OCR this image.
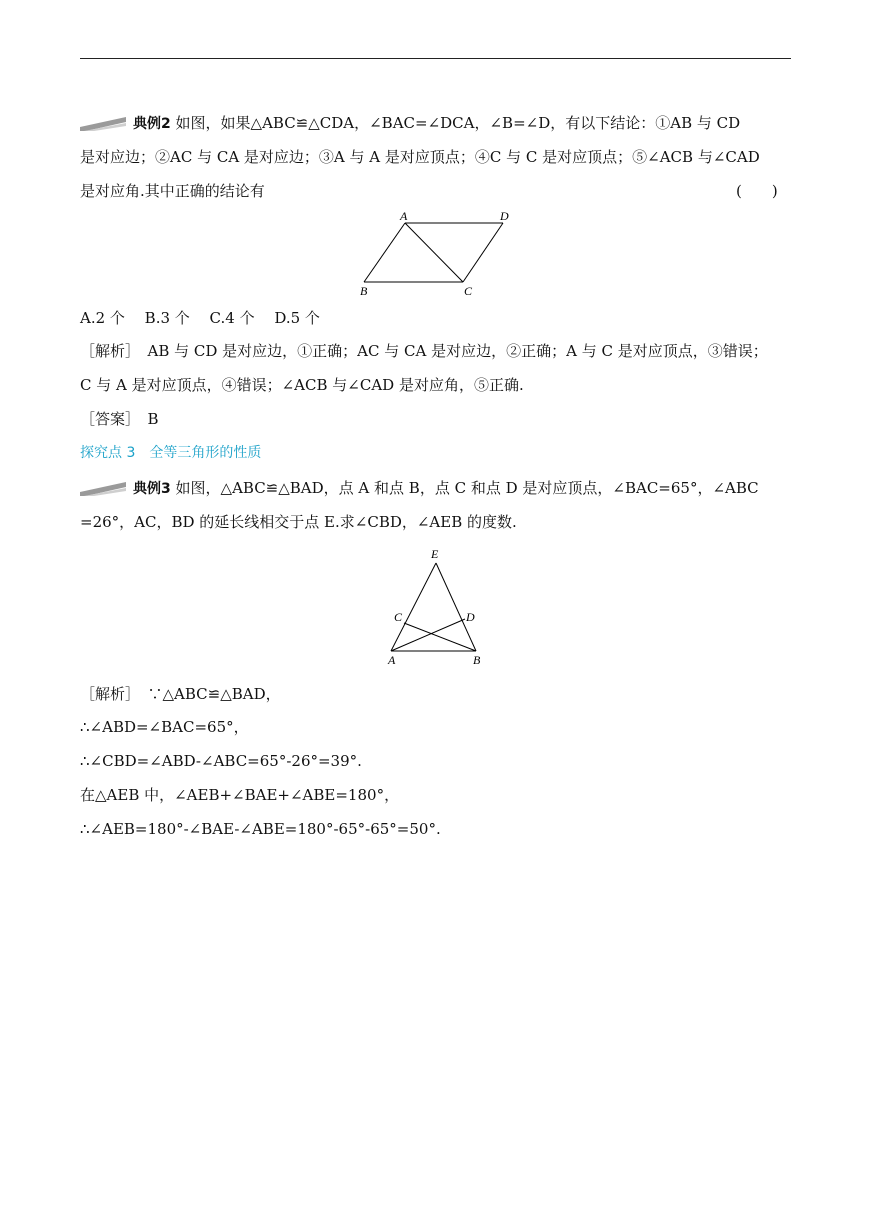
典例2 如图，如果△ABC≌△CDA，∠BAC=∠DCA，∠B=∠D，有以下结论：①AB 与 CD
是对应边；②AC 与 CA 是对应边；③A 与 A 是对应顶点；④C 与 C 是对应顶点；⑤∠ACB 与∠CAD
是对应角.其中正确的结论有	(　　)
A	D
B	C
A.2 个　 B.3 个　 C.4 个　 D.5 个
［解析］　AB 与 CD 是对应边，①正确；AC 与 CA 是对应边，②正确；A 与 C 是对应顶点，③错误；
C 与 A 是对应顶点，④错误；∠ACB 与∠CAD 是对应角，⑤正确.
［答案］　B
探究点 3　全等三角形的性质
典例3 如图，△ABC≌△BAD，点 A 和点 B，点 C 和点 D 是对应顶点，∠BAC=65°，∠ABC
=26°，AC，BD 的延长线相交于点 E.求∠CBD，∠AEB 的度数.
E
C	D
A	B
［解析］　∵△ABC≌△BAD，
∴∠ABD=∠BAC=65°，
∴∠CBD=∠ABD-∠ABC=65°-26°=39°.
在△AEB 中，∠AEB+∠BAE+∠ABE=180°，
∴∠AEB=180°-∠BAE-∠ABE=180°-65°-65°=50°.
